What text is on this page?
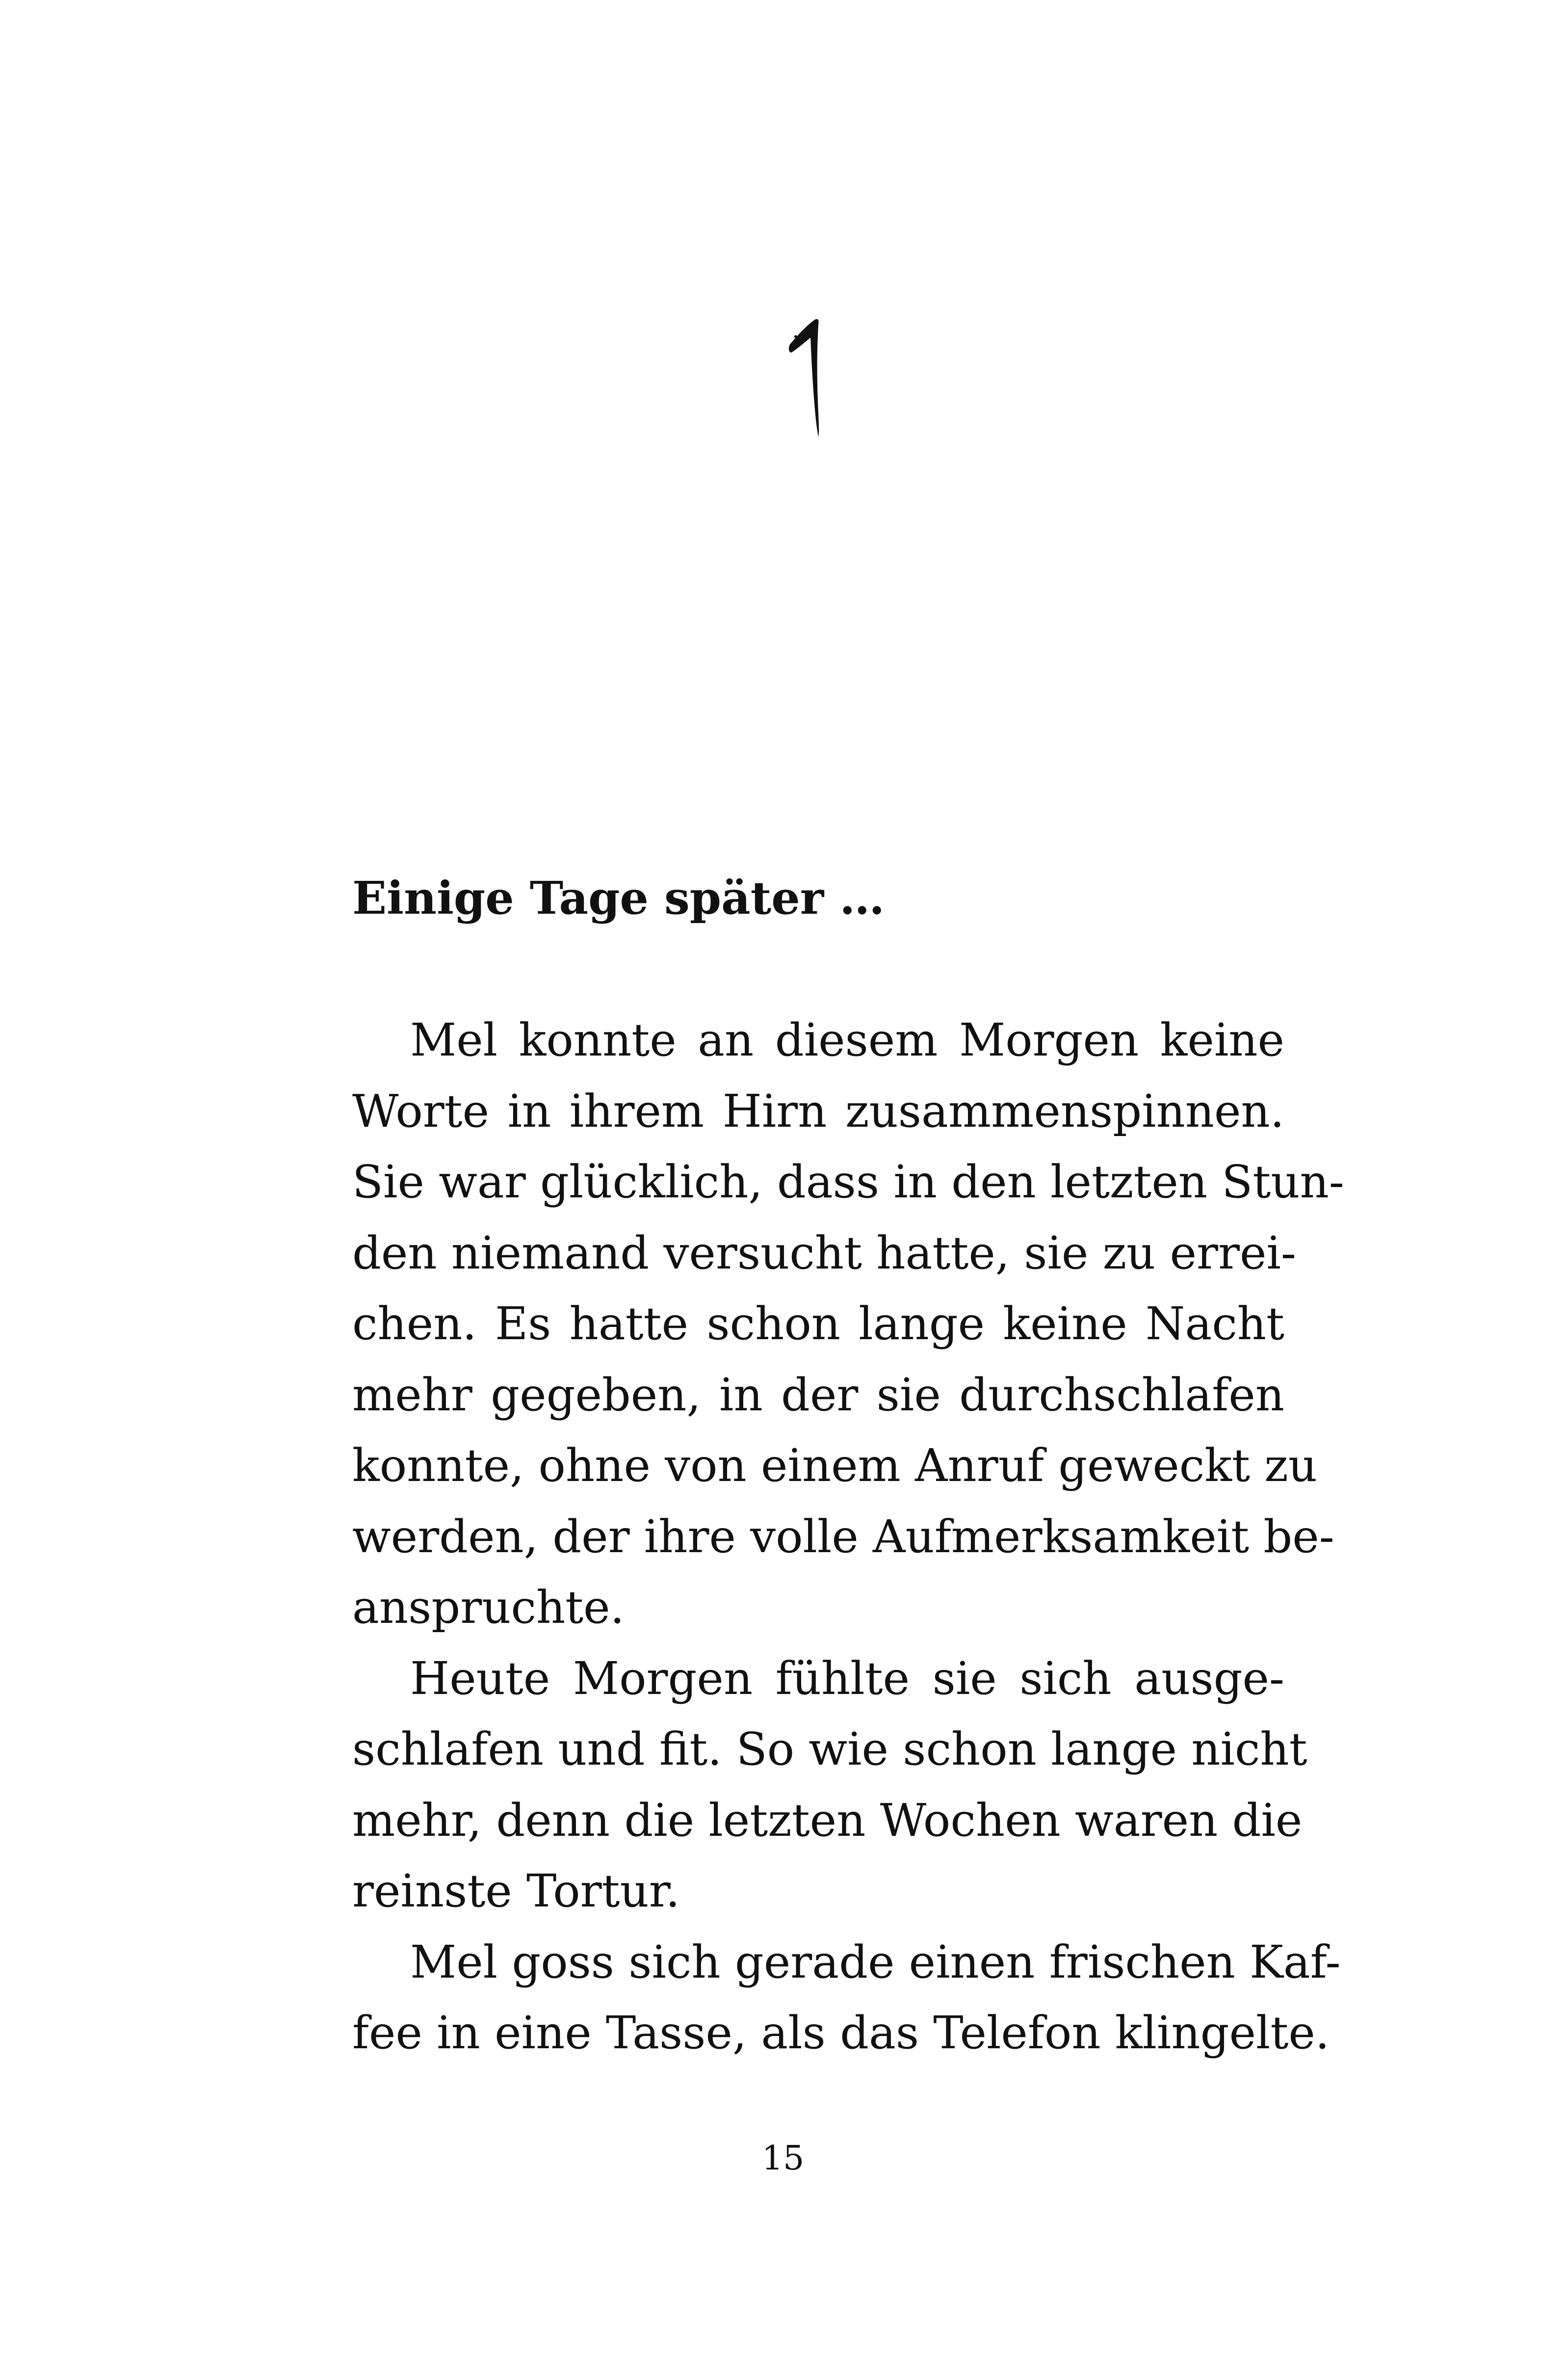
Einige Tage später …
Mel konnte an diesem Morgen keine
Worte in ihrem Hirn zusammenspinnen.
Sie war glücklich, dass in den letzten Stun-
den niemand versucht hatte, sie zu errei-
chen. Es hatte schon lange keine Nacht
mehr gegeben, in der sie durchschlafen
konnte, ohne von einem Anruf geweckt zu
werden, der ihre volle Aufmerksamkeit be-
anspruchte.
Heute Morgen fühlte sie sich ausge-
schlafen und fit. So wie schon lange nicht
mehr, denn die letzten Wochen waren die
reinste Tortur.
Mel goss sich gerade einen frischen Kaf-
fee in eine Tasse, als das Telefon klingelte.
15
